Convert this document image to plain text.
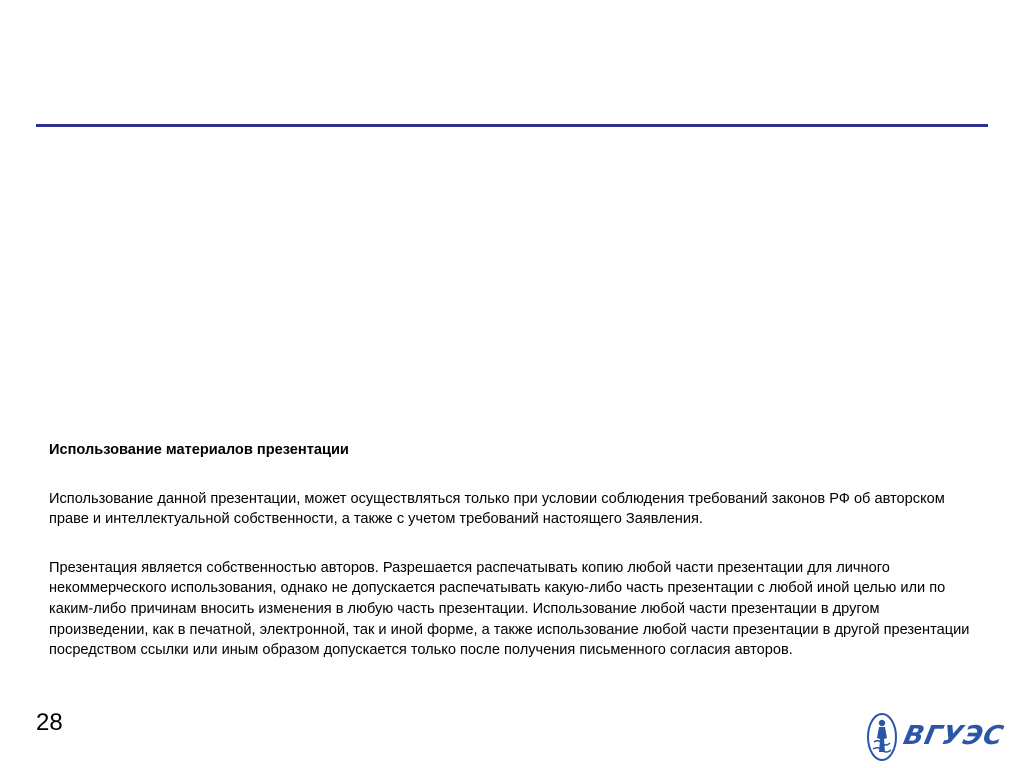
Использование материалов презентации

Использование данной презентации, может осуществляться только при условии соблюдения требований законов РФ об авторском праве и интеллектуальной собственности, а также с учетом требований настоящего Заявления.

Презентация является собственностью авторов. Разрешается распечатывать копию любой части презентации для личного некоммерческого использования, однако не допускается распечатывать какую-либо часть презентации с любой иной целью или по каким-либо причинам вносить изменения в любую часть презентации. Использование любой части презентации в другом произведении, как в печатной, электронной, так и иной форме, а также использование любой части презентации в другой презентации посредством ссылки или иным образом допускается только после получения письменного согласия авторов.

28	ВГУЭС
